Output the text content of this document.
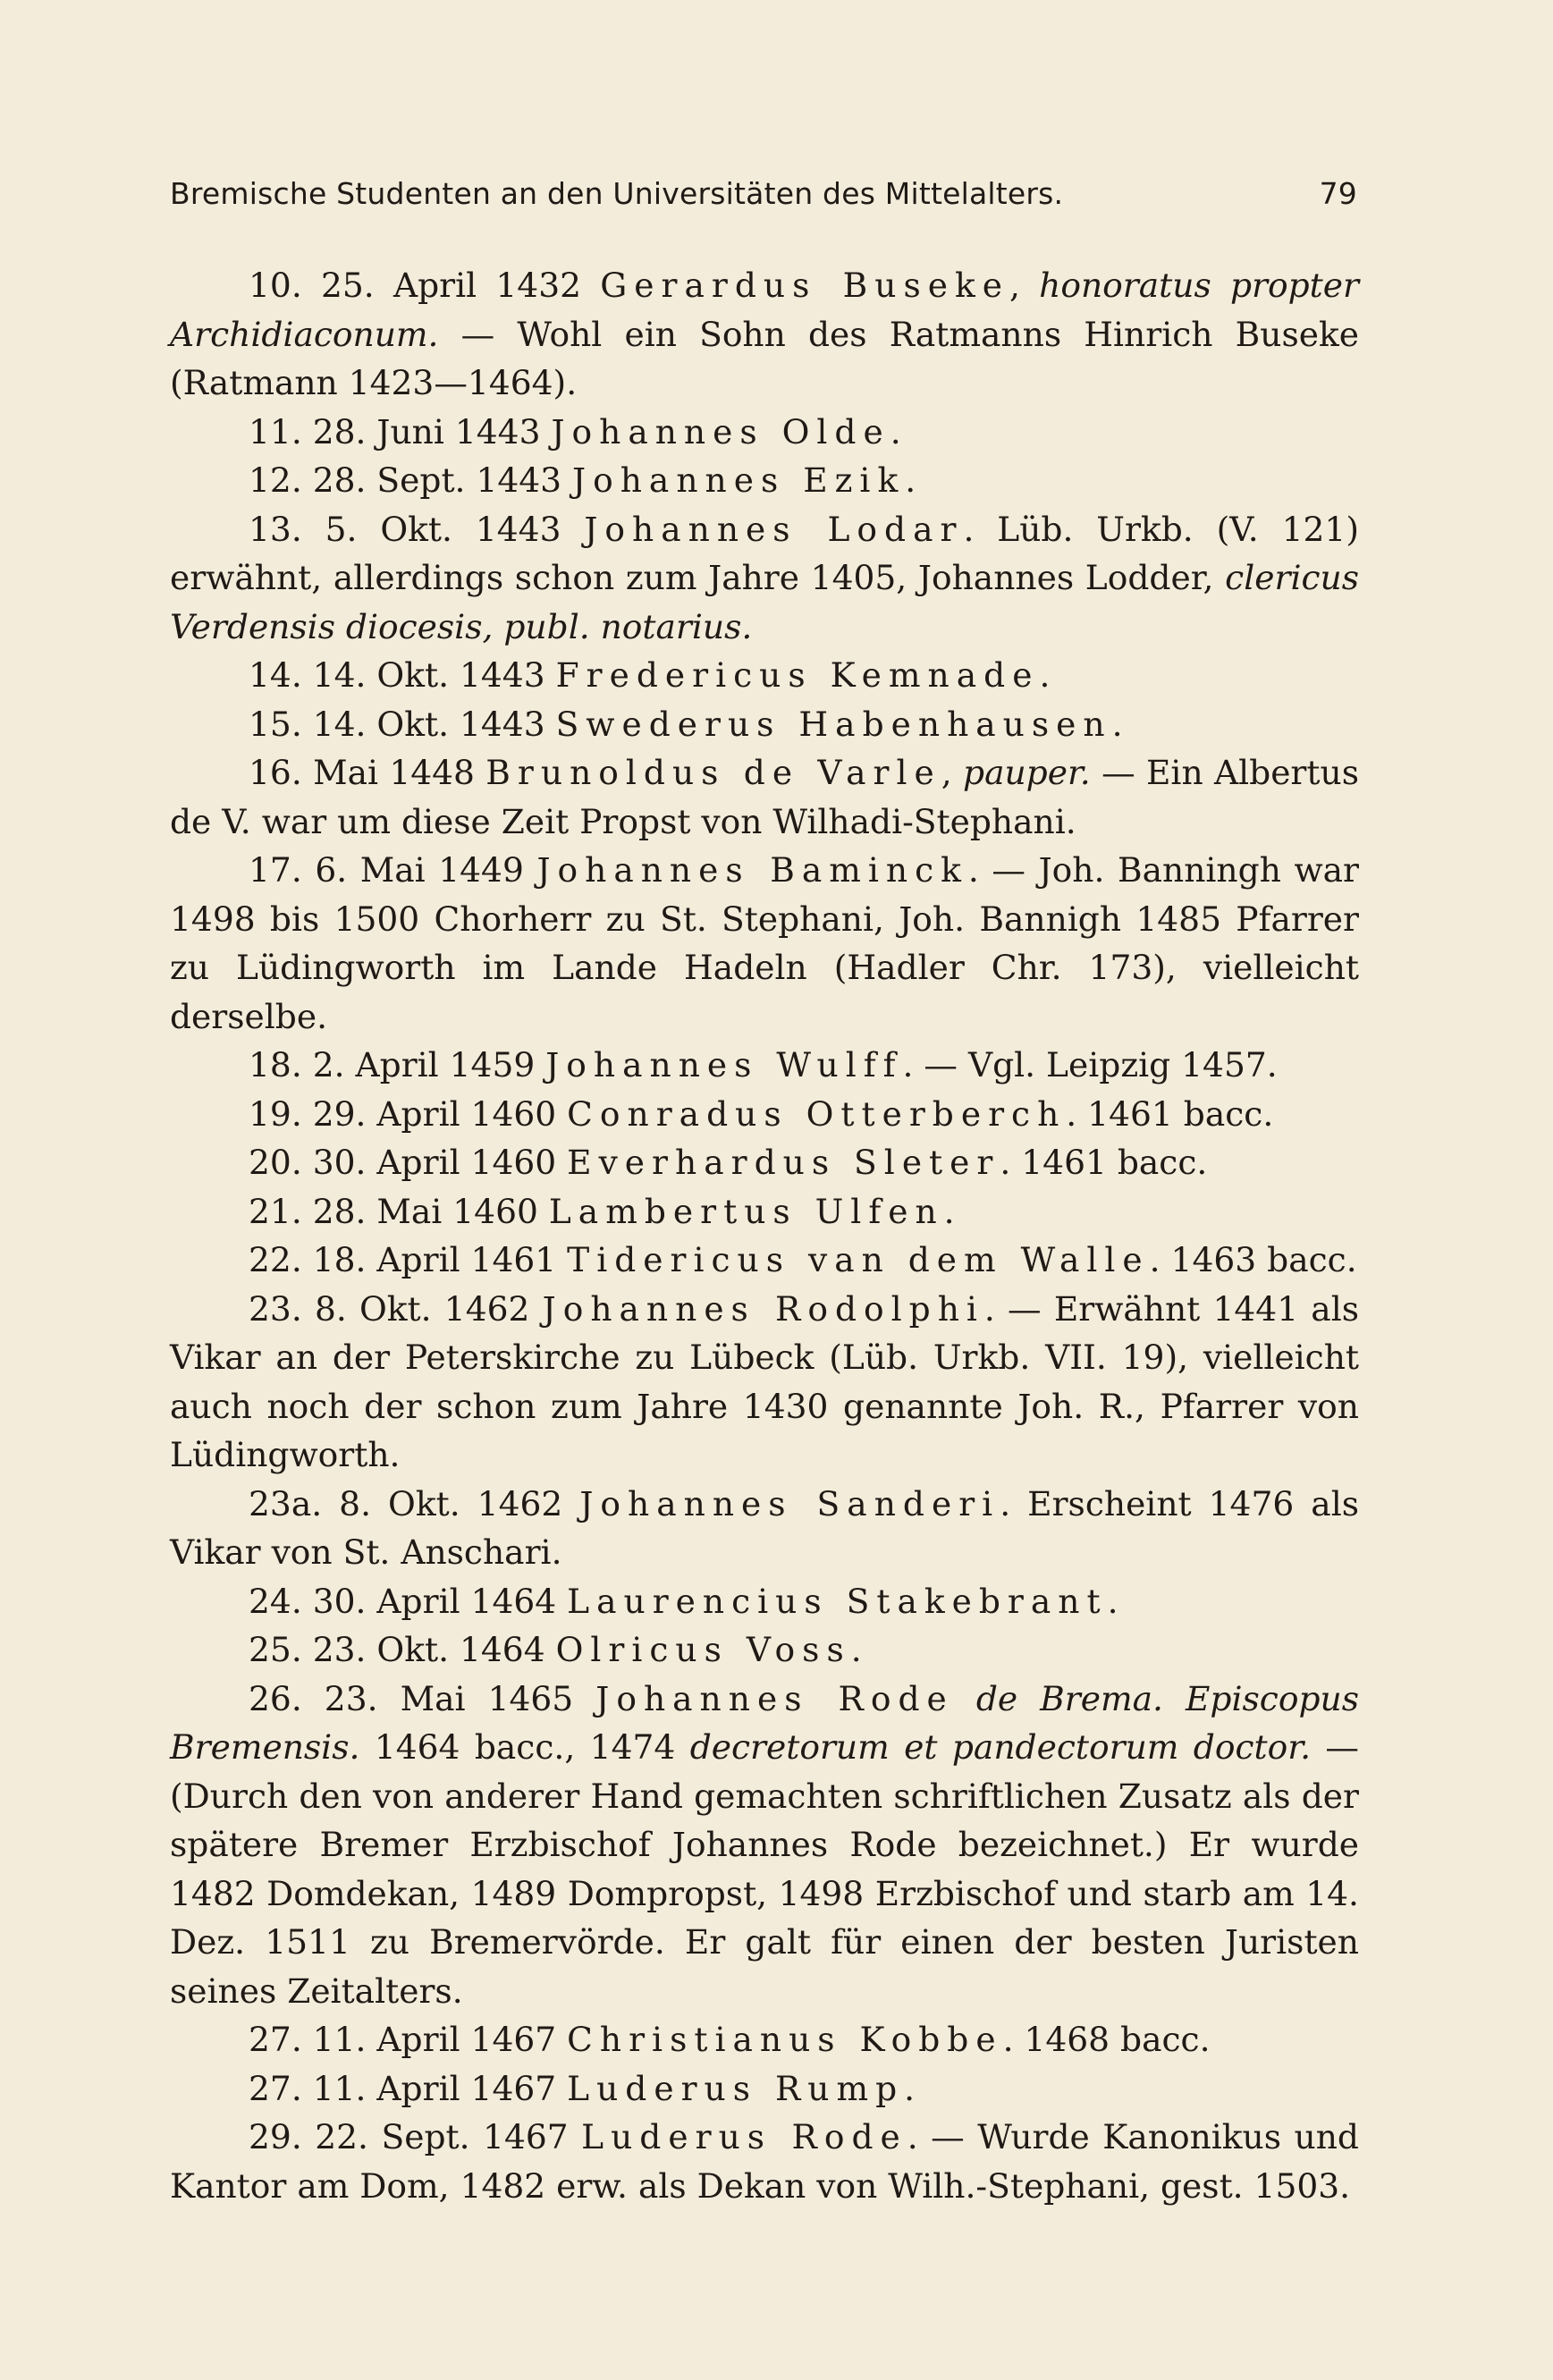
Bremische Studenten an den Universitäten des Mittelalters.	79

10. 25. April 1432 Gerardus Buseke, honoratus propter Archidiaconum. — Wohl ein Sohn des Ratmanns Hinrich Buseke (Ratmann 1423—1464).

11. 28. Juni 1443 Johannes Olde.

12. 28. Sept. 1443 Johannes Ezik.

13. 5. Okt. 1443 Johannes Lodar. Lüb. Urkb. (V. 121) erwähnt, allerdings schon zum Jahre 1405, Johannes Lodder, clericus Verdensis diocesis, publ. notarius.

14. 14. Okt. 1443 Fredericus Kemnade.

15. 14. Okt. 1443 Swederus Habenhausen.

16. Mai 1448 Brunoldus de Varle, pauper. — Ein Albertus de V. war um diese Zeit Propst von Wilhadi-Stephani.

17. 6. Mai 1449 Johannes Baminck. — Joh. Banningh war 1498 bis 1500 Chorherr zu St. Stephani, Joh. Bannigh 1485 Pfarrer zu Lüdingworth im Lande Hadeln (Hadler Chr. 173), vielleicht derselbe.

18. 2. April 1459 Johannes Wulff. — Vgl. Leipzig 1457.

19. 29. April 1460 Conradus Otterberch. 1461 bacc.

20. 30. April 1460 Everhardus Sleter. 1461 bacc.

21. 28. Mai 1460 Lambertus Ulfen.

22. 18. April 1461 Tidericus van dem Walle. 1463 bacc.

23. 8. Okt. 1462 Johannes Rodolphi. — Erwähnt 1441 als Vikar an der Peterskirche zu Lübeck (Lüb. Urkb. VII. 19), vielleicht auch noch der schon zum Jahre 1430 genannte Joh. R., Pfarrer von Lüdingworth.

23a. 8. Okt. 1462 Johannes Sanderi. Erscheint 1476 als Vikar von St. Anschari.

24. 30. April 1464 Laurencius Stakebrant.

25. 23. Okt. 1464 Olricus Voss.

26. 23. Mai 1465 Johannes Rode de Brema. Episcopus Bremensis. 1464 bacc., 1474 decretorum et pandectorum doctor. — (Durch den von anderer Hand gemachten schriftlichen Zusatz als der spätere Bremer Erzbischof Johannes Rode bezeichnet.) Er wurde 1482 Domdekan, 1489 Dompropst, 1498 Erzbischof und starb am 14. Dez. 1511 zu Bremervörde. Er galt für einen der besten Juristen seines Zeitalters.

27. 11. April 1467 Christianus Kobbe. 1468 bacc.

27. 11. April 1467 Luderus Rump.

29. 22. Sept. 1467 Luderus Rode. — Wurde Kanonikus und Kantor am Dom, 1482 erw. als Dekan von Wilh.-Stephani, gest. 1503.
